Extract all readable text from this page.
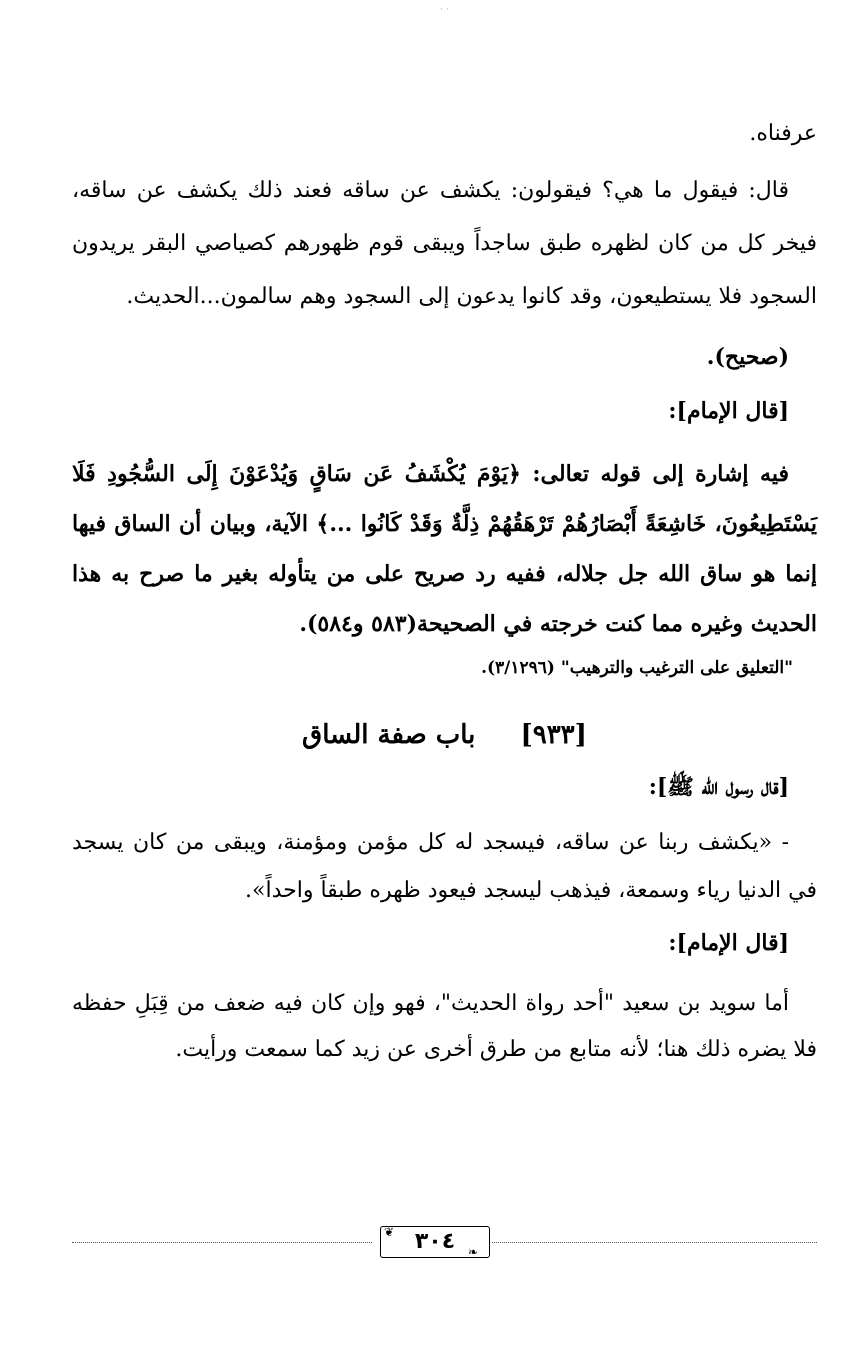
· ·

عرفناه.

قال: فيقول ما هي؟ فيقولون: يكشف عن ساقه فعند ذلك يكشف عن ساقه، فيخر كل من كان لظهره طبق ساجداً ويبقى قوم ظهورهم كصياصي البقر يريدون السجود فلا يستطيعون، وقد كانوا يدعون إلى السجود وهم سالمون...الحديث.

(صحيح).

[قال الإمام]:

فيه إشارة إلى قوله تعالى: ﴿يَوْمَ يُكْشَفُ عَن سَاقٍ وَيُدْعَوْنَ إِلَى السُّجُودِ فَلَا يَسْتَطِيعُونَ، خَاشِعَةً أَبْصَارُهُمْ تَرْهَقُهُمْ ذِلَّةٌ وَقَدْ كَانُوا ...﴾ الآية، وبيان أن الساق فيها إنما هو ساق الله جل جلاله، ففيه رد صريح على من يتأوله بغير ما صرح به هذا الحديث وغيره مما كنت خرجته في الصحيحة(٥٨٣ و٥٨٤).

"التعليق على الترغيب والترهيب" (٣/١٢٩٦).

[٩٣٣] باب صفة الساق

[قال رسول الله ﷺ]:

- «يكشف ربنا عن ساقه، فيسجد له كل مؤمن ومؤمنة، ويبقى من كان يسجد في الدنيا رياء وسمعة، فيذهب ليسجد فيعود ظهره طبقاً واحداً».

[قال الإمام]:

أما سويد بن سعيد "أحد رواة الحديث"، فهو وإن كان فيه ضعف من قِبَلِ حفظه فلا يضره ذلك هنا؛ لأنه متابع من طرق أخرى عن زيد كما سمعت ورأيت.

٣٠٤
❦
❧
